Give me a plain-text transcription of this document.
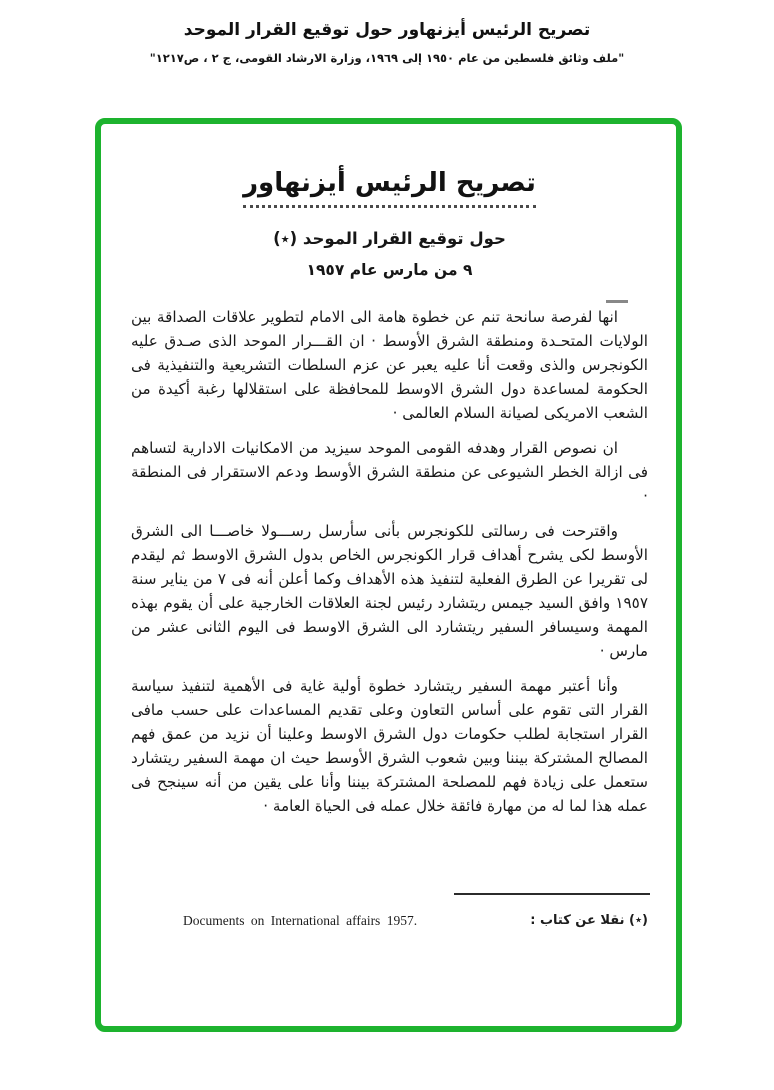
تصريح الرئيس أيزنهاور حول توقيع القرار الموحد
"ملف وثائق فلسطين من عام ١٩٥٠ إلى ١٩٦٩، وزارة الارشاد القومى، ج ٢ ، ص١٢١٧"
تصريح الرئيس أيزنهاور
حول توقيع القرار الموحد (٭)
٩ من مارس عام ١٩٥٧

انها لفرصة سانحة تنم عن خطوة هامة الى الامام لتطوير علاقات الصداقة بين الولايات المتحـدة ومنطقة الشرق الأوسط · ان القـــرار الموحد الذى صـدق عليه الكونجرس والذى وقعت أنا عليه يعبر عن عزم السلطات التشريعية والتنفيذية فى الحكومة لمساعدة دول الشرق الاوسط للمحافظة على استقلالها رغبة أكيدة من الشعب الامريكى لصيانة السلام العالمى ·

ان نصوص القرار وهدفه القومى الموحد سيزيد من الامكانيات الادارية لتساهم فى ازالة الخطر الشيوعى عن منطقة الشرق الأوسط ودعم الاستقرار فى المنطقة ·

واقترحت فى رسالتى للكونجرس بأنى سأرسل رســـولا خاصـــا الى الشرق الأوسط لكى يشرح أهداف قرار الكونجرس الخاص بدول الشرق الاوسط ثم ليقدم لى تقريرا عن الطرق الفعلية لتنفيذ هذه الأهداف وكما أعلن أنه فى ٧ من يناير سنة ١٩٥٧ وافق السيد جيمس ريتشارد رئيس لجنة العلاقات الخارجية على أن يقوم بهذه المهمة وسيسافر السفير ريتشارد الى الشرق الاوسط فى اليوم الثانى عشر من مارس ·

وأنا أعتبر مهمة السفير ريتشارد خطوة أولية غاية فى الأهمية لتنفيذ سياسة القرار التى تقوم على أساس التعاون وعلى تقديم المساعدات على حسب مافى القرار استجابة لطلب حكومات دول الشرق الاوسط وعلينا أن نزيد من عمق فهم المصالح المشتركة بيننا وبين شعوب الشرق الأوسط حيث ان مهمة السفير ريتشارد ستعمل على زيادة فهم للمصلحة المشتركة بيننا وأنا على يقين من أنه سينجح فى عمله هذا لما له من مهارة فائقة خلال عمله فى الحياة العامة ·

Documents on International affairs 1957.	(٭) نقلا عن كتاب :
